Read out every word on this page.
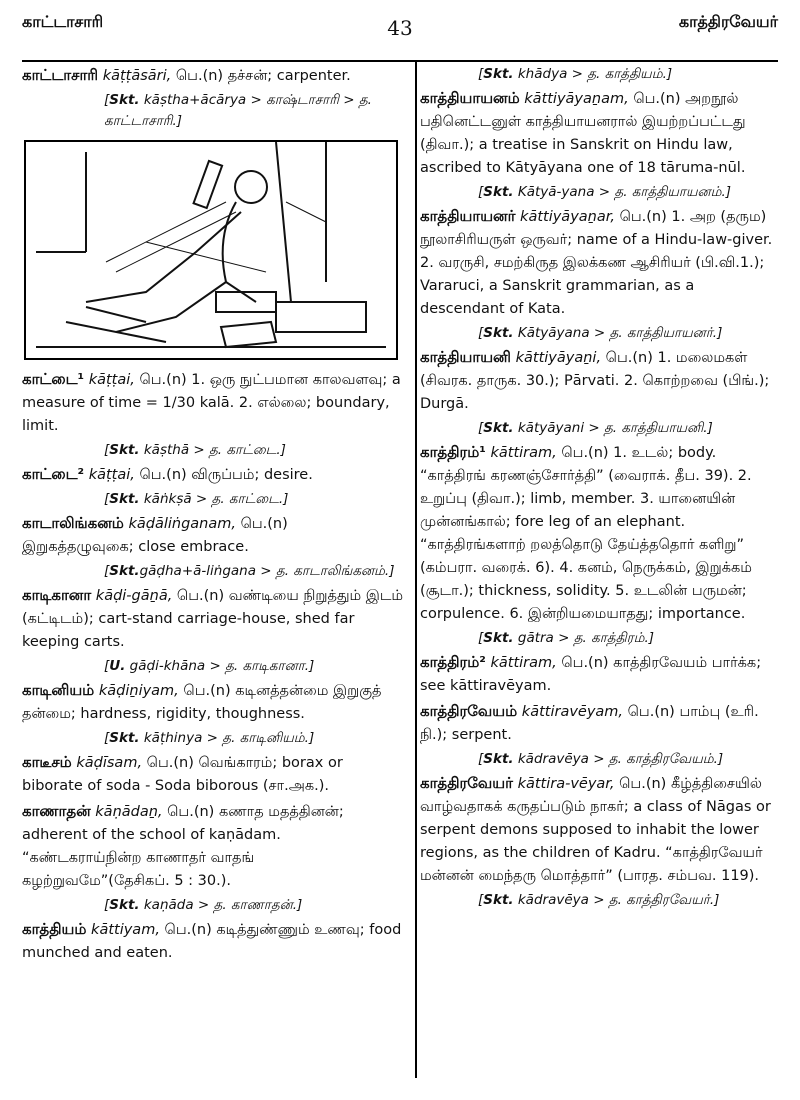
காட்டாசாரி	43	காத்திரவேயர்
காட்டாசாரி kāṭṭāsāri, பெ.(n) தச்சன்; carpenter.
[Skt. kāṣtha+ācārya > காஷ்டாசாரி > த. காட்டாசாரி.]
காட்டை¹ kāṭṭai, பெ.(n) 1. ஒரு நுட்பமான காலவளவு; a measure of time = 1/30 kalā. 2. எல்லை; boundary, limit.
[Skt. kāṣthā > த. காட்டை.]
காட்டை² kāṭṭai, பெ.(n) விருப்பம்; desire.
[Skt. kāṅkṣā > த. காட்டை.]
காடாலிங்கனம் kāḍāliṅganam, பெ.(n) இறுகத்தழுவுகை; close embrace.
[Skt.gāḍha+ā-liṅgana > த. காடாலிங்கனம்.]
காடிகானா kāḍi-gāṉā, பெ.(n) வண்டியை நிறுத்தும் இடம் (கட்டிடம்); cart-stand carriage-house, shed far keeping carts.
[U. gāḍi-khāna > த. காடிகானா.]
காடினியம் kāḍiṉiyam, பெ.(n) கடினத்தன்மை இறுகுத் தன்மை; hardness, rigidity, thoughness.
[Skt. kāṭhinya > த. காடினியம்.]
காடீசம் kāḍīsam, பெ.(n) வெங்காரம்; borax or biborate of soda - Soda biborous (சா.அக.).
காணாதன் kāṇādaṉ, பெ.(n) கணாத மதத்தினன்; adherent of the school of kaṇādam. “கண்டகராய்நின்ற காணாதர் வாதங் கழற்றுவமே”(தேசிகப். 5 : 30.).
[Skt. kaṇāda > த. காணாதன்.]
காத்தியம் kāttiyam, பெ.(n) கடித்துண்ணும் உணவு; food munched and eaten.
[Skt. khādya > த. காத்தியம்.]
காத்தியாயனம் kāttiyāyaṉam, பெ.(n) அறநூல் பதினெட்டனுள் காத்தியாயனரால் இயற்றப்பட்டது (திவா.); a treatise in Sanskrit on Hindu law, ascribed to Kātyāyana one of 18 tāruma-nūl.
[Skt. Kātyā-yana > த. காத்தியாயனம்.]
காத்தியாயனர் kāttiyāyaṉar, பெ.(n) 1. அற (தரும) நூலாசிரியருள் ஒருவர்; name of a Hindu-law-giver. 2. வரருசி, சமற்கிருத இலக்கண ஆசிரியர் (பி.வி.1.); Vararuci, a Sanskrit grammarian, as a descendant of Kata.
[Skt. Kātyāyana > த. காத்தியாயனர்.]
காத்தியாயனி kāttiyāyaṉi, பெ.(n) 1. மலைமகள் (சிவரக. தாருக. 30.); Pārvati. 2. கொற்றவை (பிங்.); Durgā.
[Skt. kātyāyani > த. காத்தியாயனி.]
காத்திரம்¹ kāttiram, பெ.(n) 1. உடல்; body. “காத்திரங் கரணஞ்சோர்த்தி” (வைராக். தீப. 39). 2. உறுப்பு (திவா.); limb, member. 3. யானையின் முன்னங்கால்; fore leg of an elephant. “காத்திரங்களாற் றலத்தொடு தேய்த்ததொர் களிறு” (கம்பரா. வரைக். 6). 4. கனம், நெருக்கம், இறுக்கம் (சூடா.); thickness, solidity. 5. உடலின் பருமன்; corpulence. 6. இன்றியமையாதது; importance.
[Skt. gātra > த. காத்திரம்.]
காத்திரம்² kāttiram, பெ.(n) காத்திரவேயம் பார்க்க; see kāttiravēyam.
காத்திரவேயம் kāttiravēyam, பெ.(n) பாம்பு (உரி. நி.); serpent.
[Skt. kādravēya > த. காத்திரவேயம்.]
காத்திரவேயர் kāttira-vēyar, பெ.(n) கீழ்த்திசையில் வாழ்வதாகக் கருதப்படும் நாகர்; a class of Nāgas or serpent demons supposed to inhabit the lower regions, as the children of Kadru. “காத்திரவேயர் மன்னன் மைந்தரு மொத்தார்” (பாரத. சம்பவ. 119).
[Skt. kādravēya > த. காத்திரவேயர்.]
